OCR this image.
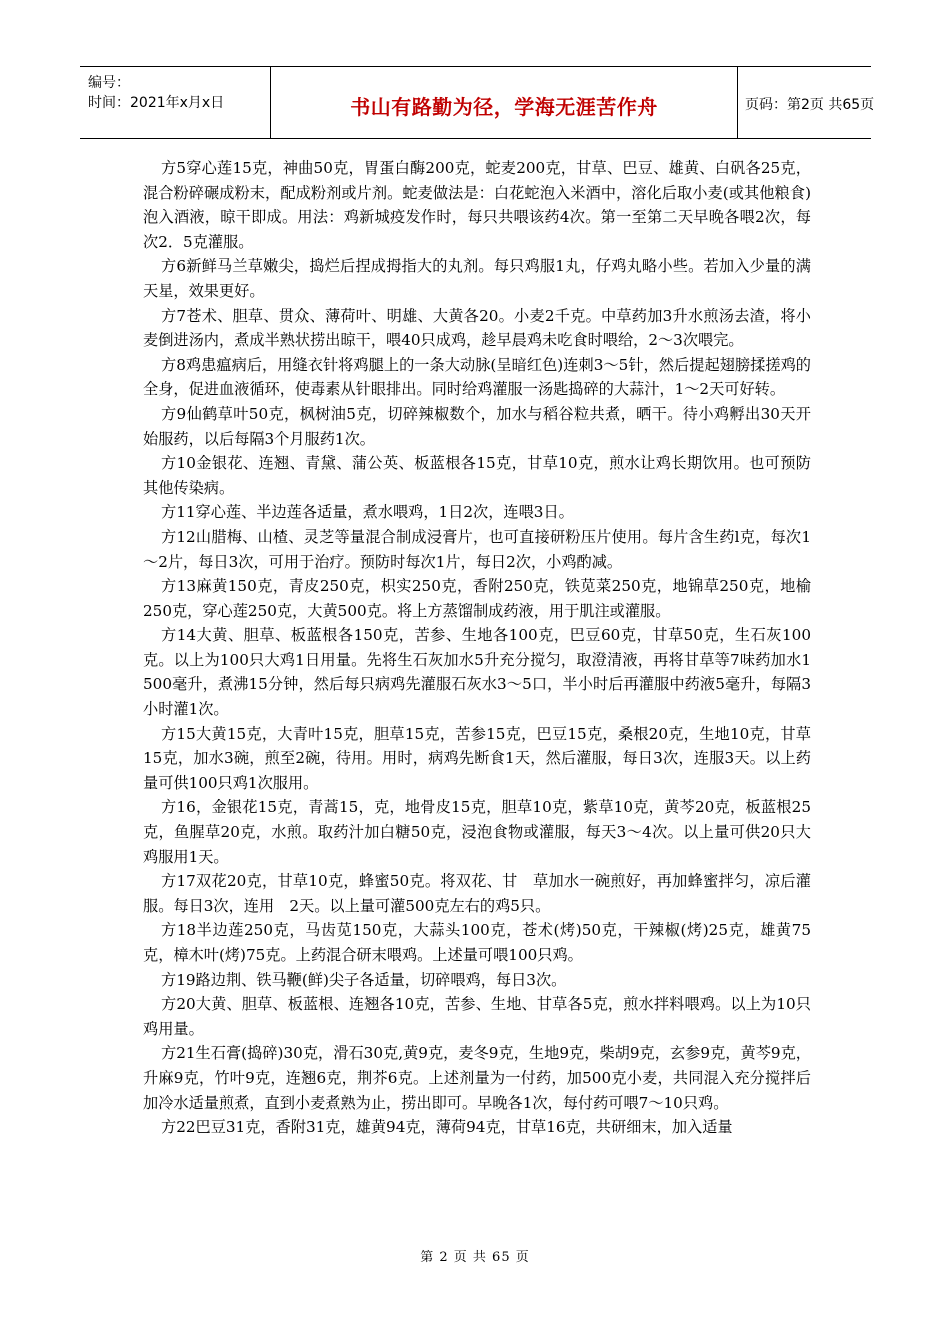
编号：
时间：2021年x月x日	书山有路勤为径，学海无涯苦作舟	页码：第2页 共65页

方5穿心莲15克，神曲50克，胃蛋白酶200克，蛇麦200克，甘草、巴豆、雄黄、白矾各25克，混合粉碎碾成粉末，配成粉剂或片剂。蛇麦做法是：白花蛇泡入米酒中，溶化后取小麦(或其他粮食)泡入酒液，晾干即成。用法：鸡新城疫发作时，每只共喂该药4次。第一至第二天早晚各喂2次，每次2．5克灌服。

方6新鲜马兰草嫩尖，捣烂后捏成拇指大的丸剂。每只鸡服1丸，仔鸡丸略小些。若加入少量的满天星，效果更好。

方7苍术、胆草、贯众、薄荷叶、明雄、大黄各20。小麦2千克。中草药加3升水煎汤去渣，将小麦倒进汤内，煮成半熟状捞出晾干，喂40只成鸡，趁早晨鸡未吃食时喂给，2～3次喂完。

方8鸡患瘟病后，用缝衣针将鸡腿上的一条大动脉(呈暗红色)连刺3～5针，然后提起翅膀揉搓鸡的全身，促进血液循环，使毒素从针眼排出。同时给鸡灌服一汤匙捣碎的大蒜汁，1～2天可好转。

方9仙鹤草叶50克，枫树油5克，切碎辣椒数个，加水与稻谷粒共煮，晒干。待小鸡孵出30天开始服药，以后每隔3个月服药1次。

方10金银花、连翘、青黛、蒲公英、板蓝根各15克，甘草10克，煎水让鸡长期饮用。也可预防其他传染病。

方11穿心莲、半边莲各适量，煮水喂鸡，1日2次，连喂3日。

方12山腊梅、山楂、灵芝等量混合制成浸膏片，也可直接研粉压片使用。每片含生药l克，每次1～2片，每日3次，可用于治疗。预防时每次1片，每日2次，小鸡酌减。

方13麻黄150克，青皮250克，枳实250克，香附250克，铁苋菜250克，地锦草250克，地榆250克，穿心莲250克，大黄500克。将上方蒸馏制成药液，用于肌注或灌服。

方14大黄、胆草、板蓝根各150克，苦参、生地各100克，巴豆60克，甘草50克，生石灰100克。以上为100只大鸡1日用量。先将生石灰加水5升充分搅匀，取澄清液，再将甘草等7味药加水1 500毫升，煮沸15分钟，然后每只病鸡先灌服石灰水3～5口，半小时后再灌服中药液5毫升，每隔3小时灌1次。

方15大黄15克，大青叶15克，胆草15克，苦参15克，巴豆15克，桑根20克，生地10克，甘草15克，加水3碗，煎至2碗，待用。用时，病鸡先断食1天，然后灌服，每日3次，连服3天。以上药量可供100只鸡1次服用。

方16，金银花15克，青蒿15，克，地骨皮15克，胆草10克，紫草10克，黄芩20克，板蓝根25克，鱼腥草20克，水煎。取药汁加白糖50克，浸泡食物或灌服，每天3～4次。以上量可供20只大鸡服用1天。

方17双花20克，甘草10克，蜂蜜50克。将双花、甘　草加水一碗煎好，再加蜂蜜拌匀，凉后灌服。每日3次，连用　2天。以上量可灌500克左右的鸡5只。

方18半边莲250克，马齿苋150克，大蒜头100克，苍术(烤)50克，干辣椒(烤)25克，雄黄75克，樟木叶(烤)75克。上药混合研末喂鸡。上述量可喂100只鸡。

方19路边荆、铁马鞭(鲜)尖子各适量，切碎喂鸡，每日3次。

方20大黄、胆草、板蓝根、连翘各10克，苦参、生地、甘草各5克，煎水拌料喂鸡。以上为10只鸡用量。

方21生石膏(捣碎)30克，滑石30克,黄9克，麦冬9克，生地9克，柴胡9克，玄参9克，黄芩9克，升麻9克，竹叶9克，连翘6克，荆芥6克。上述剂量为一付药，加500克小麦，共同混入充分搅拌后加冷水适量煎煮，直到小麦煮熟为止，捞出即可。早晚各1次，每付药可喂7～10只鸡。

方22巴豆31克，香附31克，雄黄94克，薄荷94克，甘草16克，共研细末，加入适量

第 2 页 共 65 页
